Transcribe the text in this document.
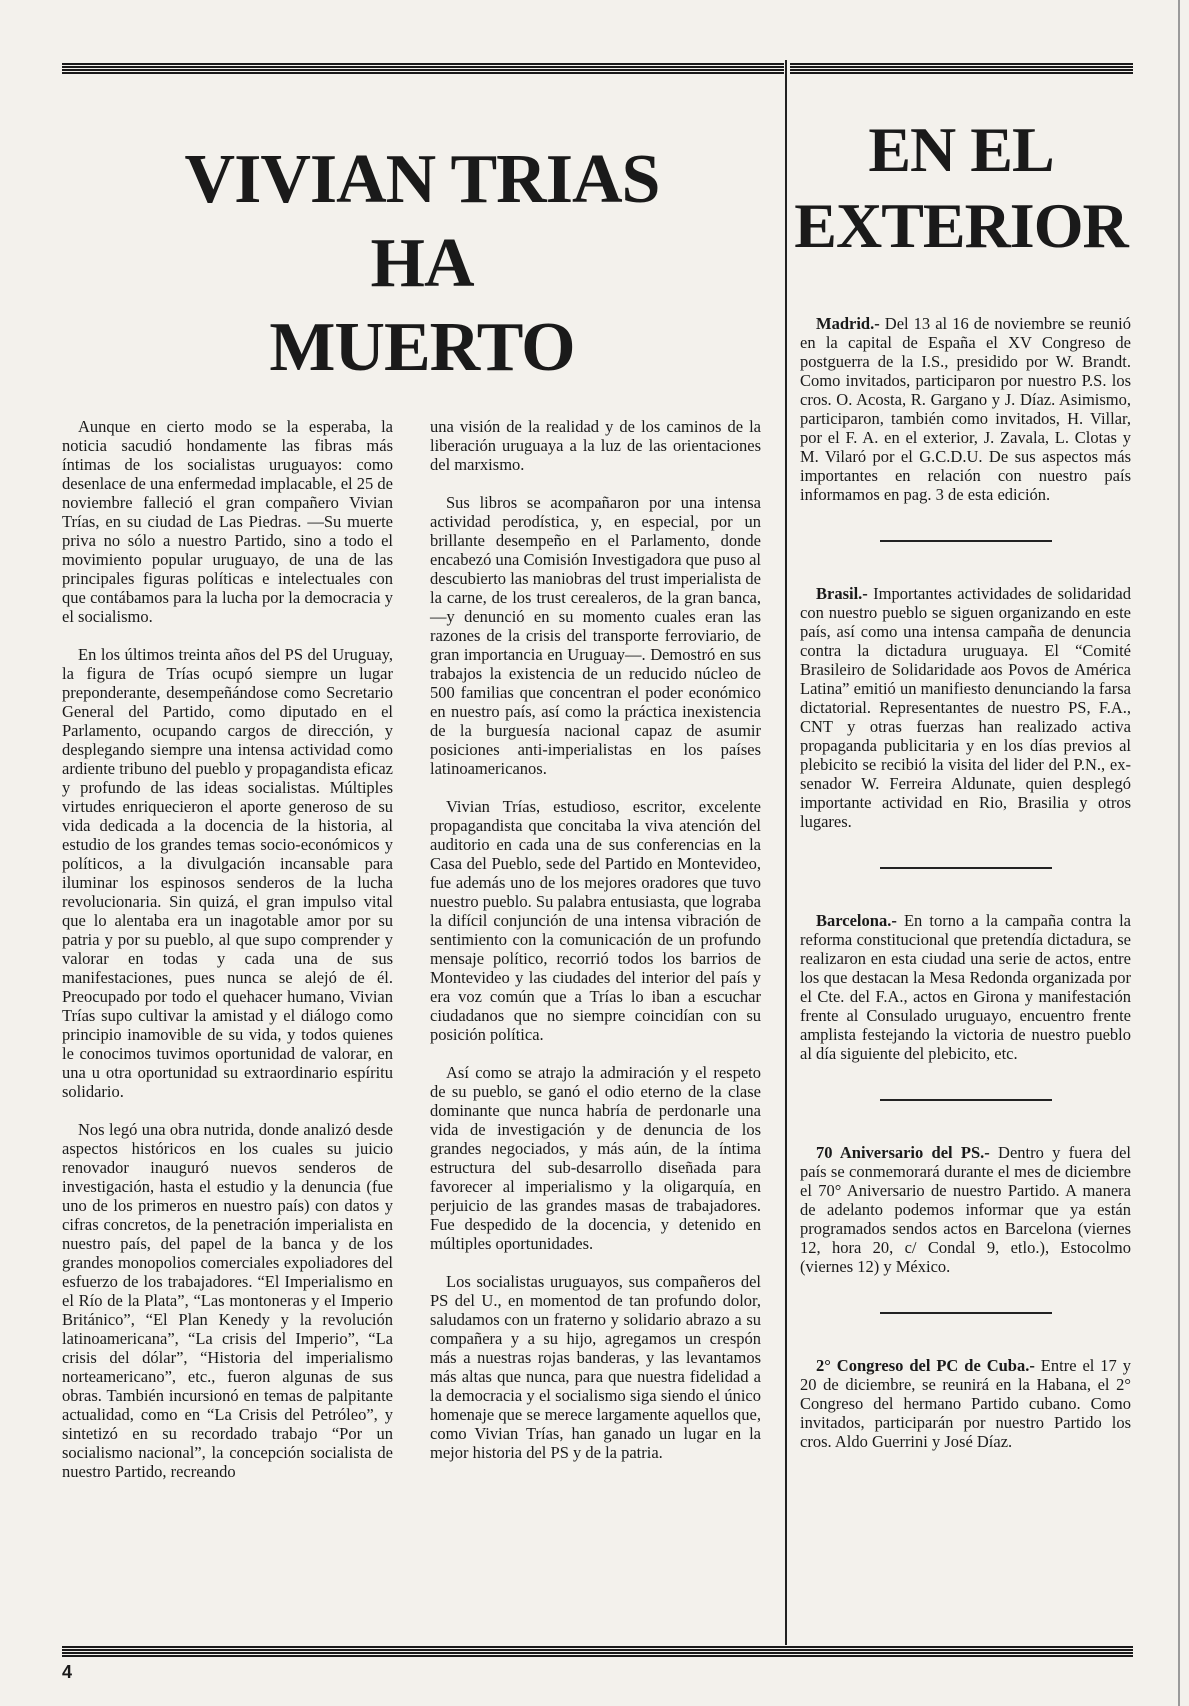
VIVIAN TRIAS
HA
MUERTO
EN EL
EXTERIOR

Aunque en cierto modo se la esperaba, la noticia sacudió hondamente las fibras más íntimas de los socialistas uruguayos: como desenlace de una enfermedad implacable, el 25 de noviembre falleció el gran compañero Vivian Trías, en su ciudad de Las Piedras. —Su muerte priva no sólo a nuestro Partido, sino a todo el movimiento popular uruguayo, de una de las principales figuras políticas e intelectuales con que contábamos para la lucha por la democracia y el socialismo.

En los últimos treinta años del PS del Uruguay, la figura de Trías ocupó siempre un lugar preponderante, desempeñándose como Secretario General del Partido, como diputado en el Parlamento, ocupando cargos de dirección, y desplegando siempre una intensa actividad como ardiente tribuno del pueblo y propagandista eficaz y profundo de las ideas socialistas. Múltiples virtudes enriquecieron el aporte generoso de su vida dedicada a la docencia de la historia, al estudio de los grandes temas socio-económicos y políticos, a la divulgación incansable para iluminar los espinosos senderos de la lucha revolucionaria. Sin quizá, el gran impulso vital que lo alentaba era un inagotable amor por su patria y por su pueblo, al que supo comprender y valorar en todas y cada una de sus manifestaciones, pues nunca se alejó de él. Preocupado por todo el quehacer humano, Vivian Trías supo cultivar la amistad y el diálogo como principio inamovible de su vida, y todos quienes le conocimos tuvimos oportunidad de valorar, en una u otra oportunidad su extraordinario espíritu solidario.

Nos legó una obra nutrida, donde analizó desde aspectos históricos en los cuales su juicio renovador inauguró nuevos senderos de investigación, hasta el estudio y la denuncia (fue uno de los primeros en nuestro país) con datos y cifras concretos, de la penetración imperialista en nuestro país, del papel de la banca y de los grandes monopolios comerciales expoliadores del esfuerzo de los trabajadores. “El Imperialismo en el Río de la Plata”, “Las montoneras y el Imperio Británico”, “El Plan Kenedy y la revolución latinoamericana”, “La crisis del Imperio”, “La crisis del dólar”, “Historia del imperialismo norteamericano”, etc., fueron algunas de sus obras. También incursionó en temas de palpitante actualidad, como en “La Crisis del Petróleo”, y sintetizó en su recordado trabajo “Por un socialismo nacional”, la concepción socialista de nuestro Partido, recreando

una visión de la realidad y de los caminos de la liberación uruguaya a la luz de las orientaciones del marxismo.

Sus libros se acompañaron por una intensa actividad perodística, y, en especial, por un brillante desempeño en el Parlamento, donde encabezó una Comisión Investigadora que puso al descubierto las maniobras del trust imperialista de la carne, de los trust cerealeros, de la gran banca, —y denunció en su momento cuales eran las razones de la crisis del transporte ferroviario, de gran importancia en Uruguay—. Demostró en sus trabajos la existencia de un reducido núcleo de 500 familias que concentran el poder económico en nuestro país, así como la práctica inexistencia de la burguesía nacional capaz de asumir posiciones anti-imperialistas en los países latinoamericanos.

Vivian Trías, estudioso, escritor, excelente propagandista que concitaba la viva atención del auditorio en cada una de sus conferencias en la Casa del Pueblo, sede del Partido en Montevideo, fue además uno de los mejores oradores que tuvo nuestro pueblo. Su palabra entusiasta, que lograba la difícil conjunción de una intensa vibración de sentimiento con la comunicación de un profundo mensaje político, recorrió todos los barrios de Montevideo y las ciudades del interior del país y era voz común que a Trías lo iban a escuchar ciudadanos que no siempre coincidían con su posición política.

Así como se atrajo la admiración y el respeto de su pueblo, se ganó el odio eterno de la clase dominante que nunca habría de perdonarle una vida de investigación y de denuncia de los grandes negociados, y más aún, de la íntima estructura del sub-desarrollo diseñada para favorecer al imperialismo y la oligarquía, en perjuicio de las grandes masas de trabajadores. Fue despedido de la docencia, y detenido en múltiples oportunidades.

Los socialistas uruguayos, sus compañeros del PS del U., en momentod de tan profundo dolor, saludamos con un fraterno y solidario abrazo a su compañera y a su hijo, agregamos un crespón más a nuestras rojas banderas, y las levantamos más altas que nunca, para que nuestra fidelidad a la democracia y el socialismo siga siendo el único homenaje que se merece largamente aquellos que, como Vivian Trías, han ganado un lugar en la mejor historia del PS y de la patria.

Madrid.- Del 13 al 16 de noviembre se reunió en la capital de España el XV Congreso de postguerra de la I.S., presidido por W. Brandt. Como invitados, participaron por nuestro P.S. los cros. O. Acosta, R. Gargano y J. Díaz. Asimismo, participaron, también como invitados, H. Villar, por el F. A. en el exterior, J. Zavala, L. Clotas y M. Vilaró por el G.C.D.U. De sus aspectos más importantes en relación con nuestro país informamos en pag. 3 de esta edición.

Brasil.- Importantes actividades de solidaridad con nuestro pueblo se siguen organizando en este país, así como una intensa campaña de denuncia contra la dictadura uruguaya. El “Comité Brasileiro de Solidaridade aos Povos de América Latina” emitió un manifiesto denunciando la farsa dictatorial. Representantes de nuestro PS, F.A., CNT y otras fuerzas han realizado activa propaganda publicitaria y en los días previos al plebicito se recibió la visita del lider del P.N., ex-senador W. Ferreira Aldunate, quien desplegó importante actividad en Rio, Brasilia y otros lugares.

Barcelona.- En torno a la campaña contra la reforma constitucional que pretendía dictadura, se realizaron en esta ciudad una serie de actos, entre los que destacan la Mesa Redonda organizada por el Cte. del F.A., actos en Girona y manifestación frente al Consulado uruguayo, encuentro frente amplista festejando la victoria de nuestro pueblo al día siguiente del plebicito, etc.

70 Aniversario del PS.- Dentro y fuera del país se conmemorará durante el mes de diciembre el 70° Aniversario de nuestro Partido. A manera de adelanto podemos informar que ya están programados sendos actos en Barcelona (viernes 12, hora 20, c/ Condal 9, etlo.), Estocolmo (viernes 12) y México.

2° Congreso del PC de Cuba.- Entre el 17 y 20 de diciembre, se reunirá en la Habana, el 2° Congreso del hermano Partido cubano. Como invitados, participarán por nuestro Partido los cros. Aldo Guerrini y José Díaz.

4
